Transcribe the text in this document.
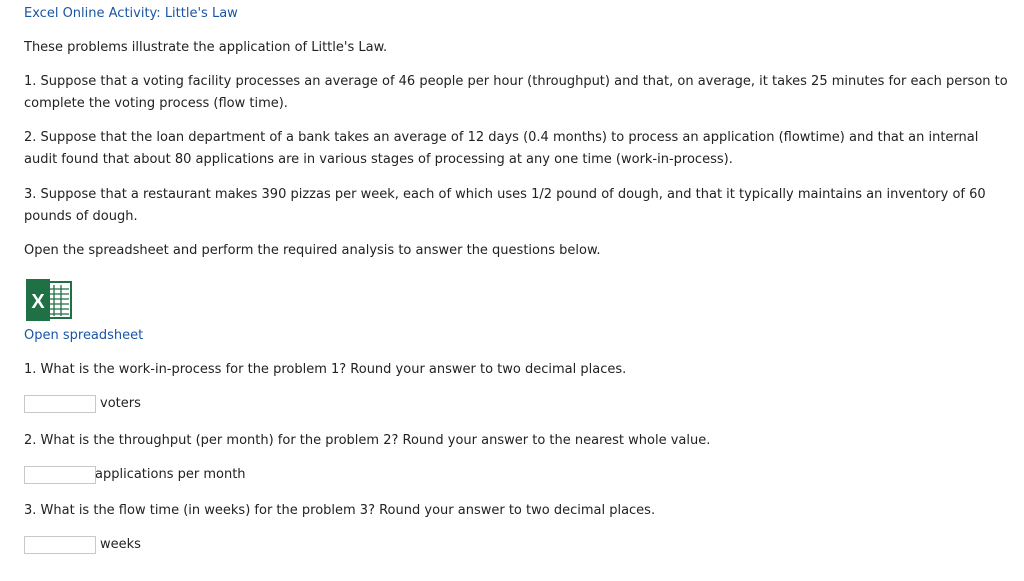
Excel Online Activity: Little's Law

These problems illustrate the application of Little's Law.

1. Suppose that a voting facility processes an average of 46 people per hour (throughput) and that, on average, it takes 25 minutes for each person to complete the voting process (flow time).

2. Suppose that the loan department of a bank takes an average of 12 days (0.4 months) to process an application (flowtime) and that an internal audit found that about 80 applications are in various stages of processing at any one time (work-in-process).

3. Suppose that a restaurant makes 390 pizzas per week, each of which uses 1/2 pound of dough, and that it typically maintains an inventory of 60 pounds of dough.

Open the spreadsheet and perform the required analysis to answer the questions below.

X
Open spreadsheet

1. What is the work-in-process for the problem 1? Round your answer to two decimal places.

voters

2. What is the throughput (per month) for the problem 2? Round your answer to the nearest whole value.

applications per month

3. What is the flow time (in weeks) for the problem 3? Round your answer to two decimal places.

weeks
